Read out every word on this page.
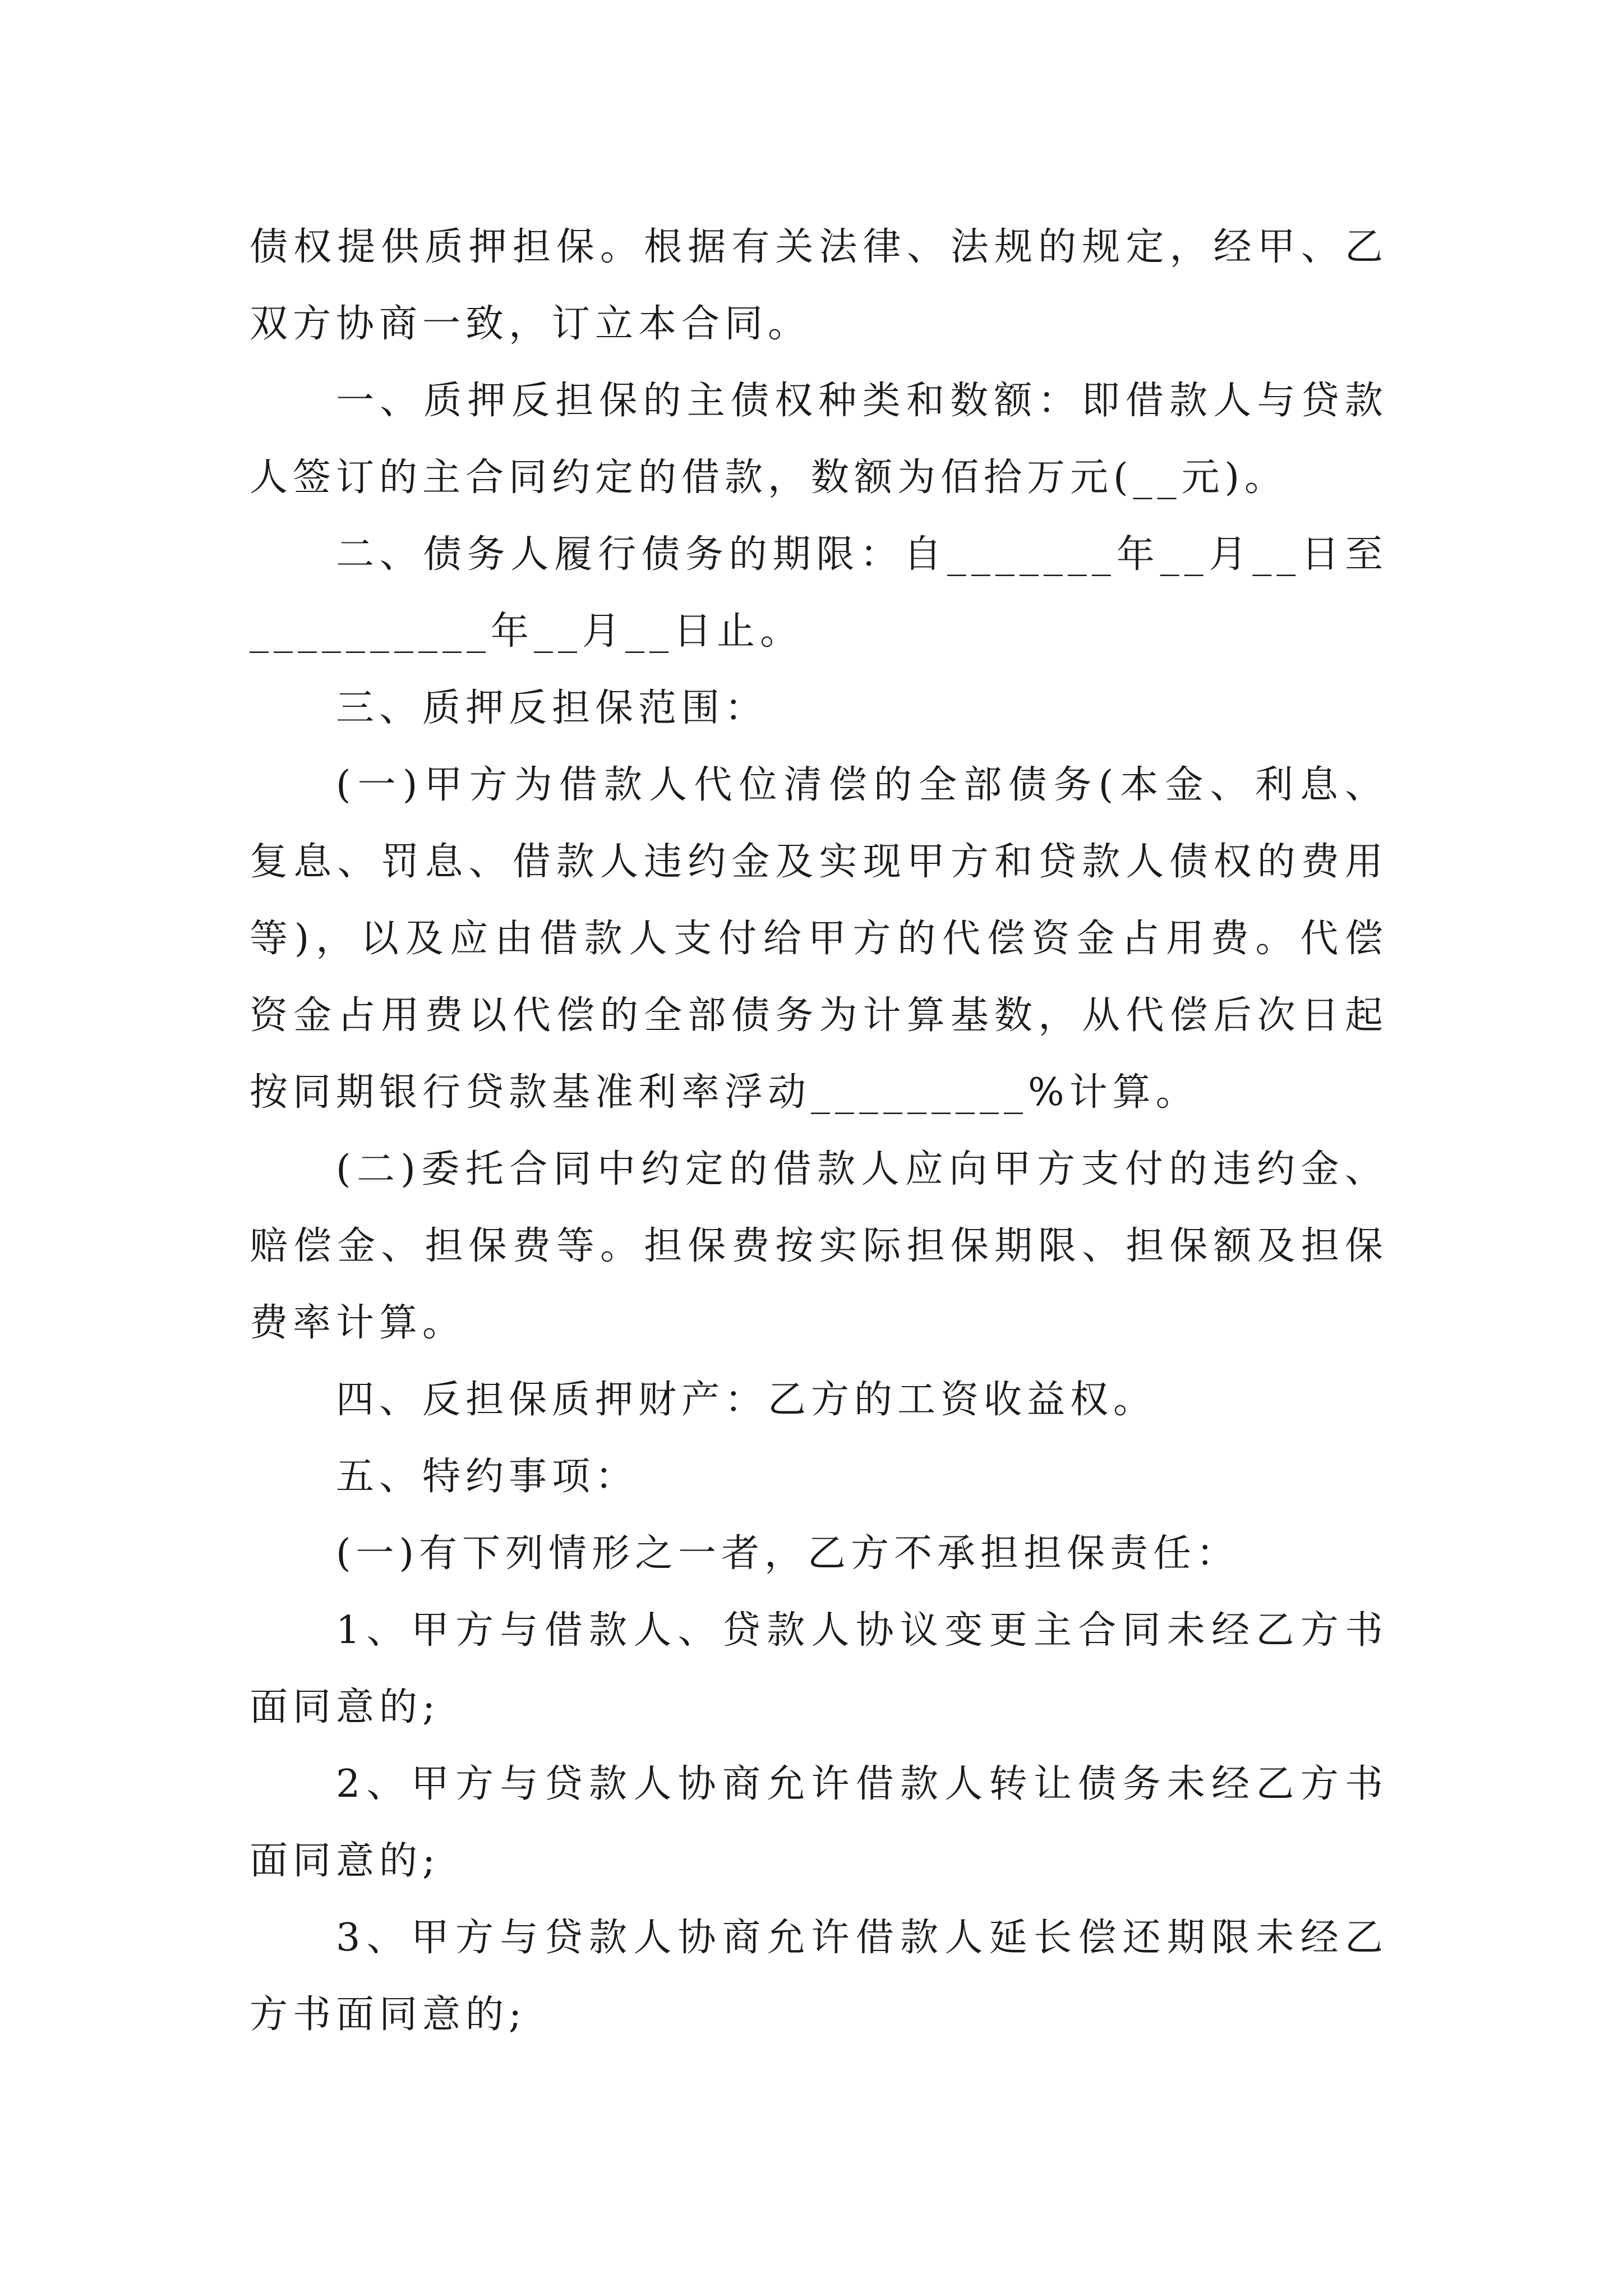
债权提供质押担保。根据有关法律、法规的规定，经甲、乙双方协商一致，订立本合同。

一、质押反担保的主债权种类和数额：即借款人与贷款人签订的主合同约定的借款，数额为佰拾万元(__元)。

二、债务人履行债务的期限：自_______年__月__日至__________年__月__日止。

三、质押反担保范围：

(一)甲方为借款人代位清偿的全部债务(本金、利息、复息、罚息、借款人违约金及实现甲方和贷款人债权的费用等)，以及应由借款人支付给甲方的代偿资金占用费。代偿资金占用费以代偿的全部债务为计算基数，从代偿后次日起按同期银行贷款基准利率浮动_________%计算。

(二)委托合同中约定的借款人应向甲方支付的违约金、赔偿金、担保费等。担保费按实际担保期限、担保额及担保费率计算。

四、反担保质押财产：乙方的工资收益权。

五、特约事项：

(一)有下列情形之一者，乙方不承担担保责任：

1、甲方与借款人、贷款人协议变更主合同未经乙方书面同意的;

2、甲方与贷款人协商允许借款人转让债务未经乙方书面同意的;

3、甲方与贷款人协商允许借款人延长偿还期限未经乙方书面同意的;
